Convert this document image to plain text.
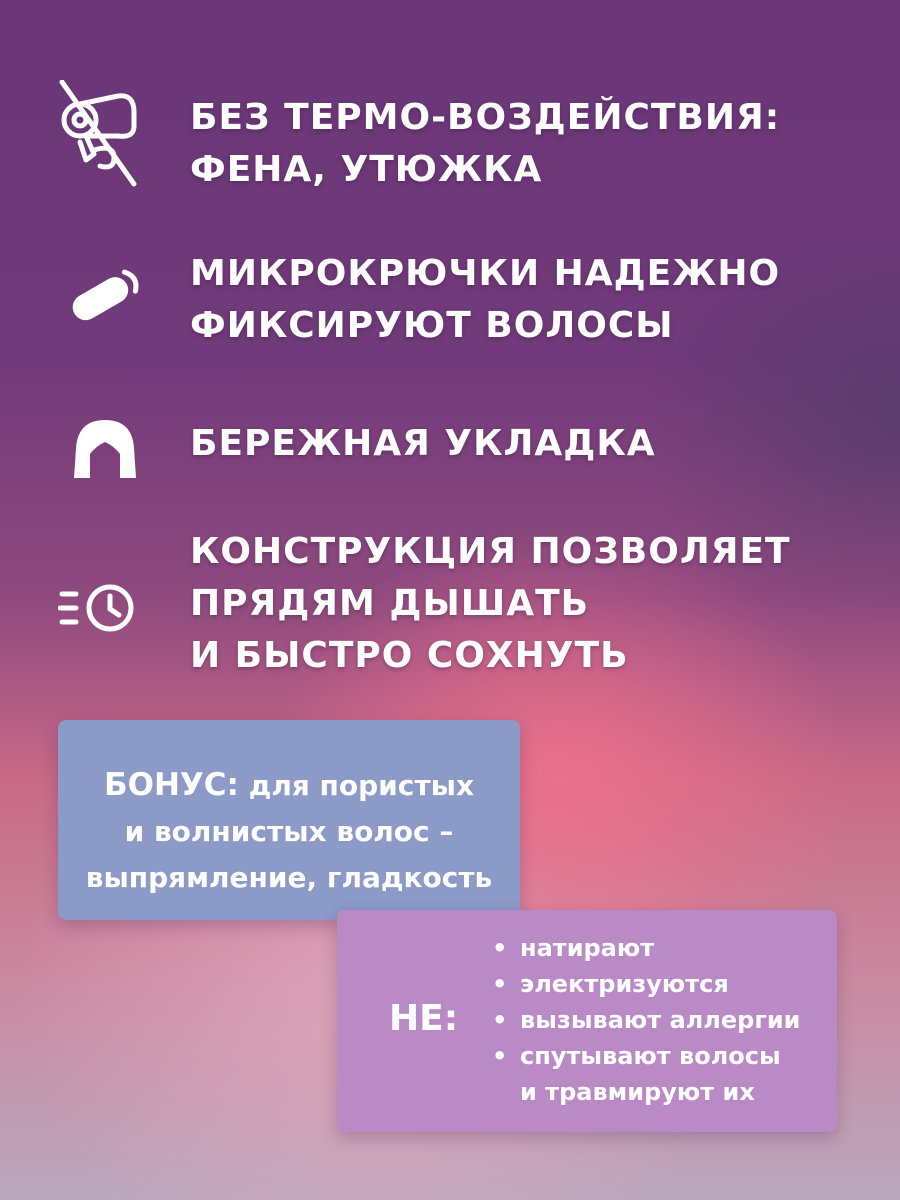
БЕЗ ТЕРМО-ВОЗДЕЙСТВИЯ:
ФЕНА, УТЮЖКА
МИКРОКРЮЧКИ НАДЕЖНО
ФИКСИРУЮТ ВОЛОСЫ
БЕРЕЖНАЯ УКЛАДКА
КОНСТРУКЦИЯ ПОЗВОЛЯЕТ
ПРЯДЯМ ДЫШАТЬ
И БЫСТРО СОХНУТЬ
БОНУС: для пористых
и волнистых волос –
выпрямление, гладкость
НЕ:
• натирают
• электризуются
• вызывают аллергии
• спутывают волосы
и травмируют их
